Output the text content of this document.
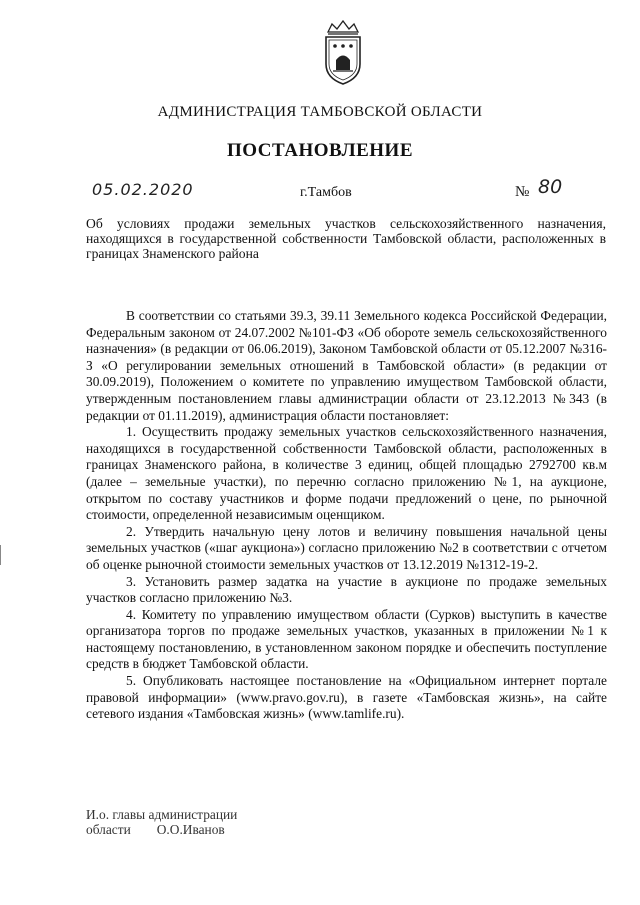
АДМИНИСТРАЦИЯ ТАМБОВСКОЙ ОБЛАСТИ
ПОСТАНОВЛЕНИЕ
05.02.2020	г.Тамбов	№ 80
Об условиях продажи земельных участков сельскохозяйственного назначения, находящихся в государственной собственности Тамбовской области, расположенных в границах Знаменского района

В соответствии со статьями 39.3, 39.11 Земельного кодекса Российской Федерации, Федеральным законом от 24.07.2002 №101-ФЗ «Об обороте земель сельскохозяйственного назначения» (в редакции от 06.06.2019), Законом Тамбовской области от 05.12.2007 №316-З «О регулировании земельных отношений в Тамбовской области» (в редакции от 30.09.2019), Положением о комитете по управлению имуществом Тамбовской области, утвержденным постановлением главы администрации области от 23.12.2013 №343 (в редакции от 01.11.2019), администрация области постановляет:

1. Осуществить продажу земельных участков сельскохозяйственного назначения, находящихся в государственной собственности Тамбовской области, расположенных в границах Знаменского района, в количестве 3 единиц, общей площадью 2792700 кв.м (далее – земельные участки), по перечню согласно приложению №1, на аукционе, открытом по составу участников и форме подачи предложений о цене, по рыночной стоимости, определенной независимым оценщиком.

2. Утвердить начальную цену лотов и величину повышения начальной цены земельных участков («шаг аукциона») согласно приложению №2 в соответствии с отчетом об оценке рыночной стоимости земельных участков от 13.12.2019 №1312-19-2.

3. Установить размер задатка на участие в аукционе по продаже земельных участков согласно приложению №3.

4. Комитету по управлению имуществом области (Сурков) выступить в качестве организатора торгов по продаже земельных участков, указанных в приложении №1 к настоящему постановлению, в установленном законом порядке и обеспечить поступление средств в бюджет Тамбовской области.

5. Опубликовать настоящее постановление на «Официальном интернет портале правовой информации» (www.pravo.gov.ru), в газете «Тамбовская жизнь», на сайте сетевого издания «Тамбовская жизнь» (www.tamlife.ru).

И.о. главы администрации
области О.О.Иванов
